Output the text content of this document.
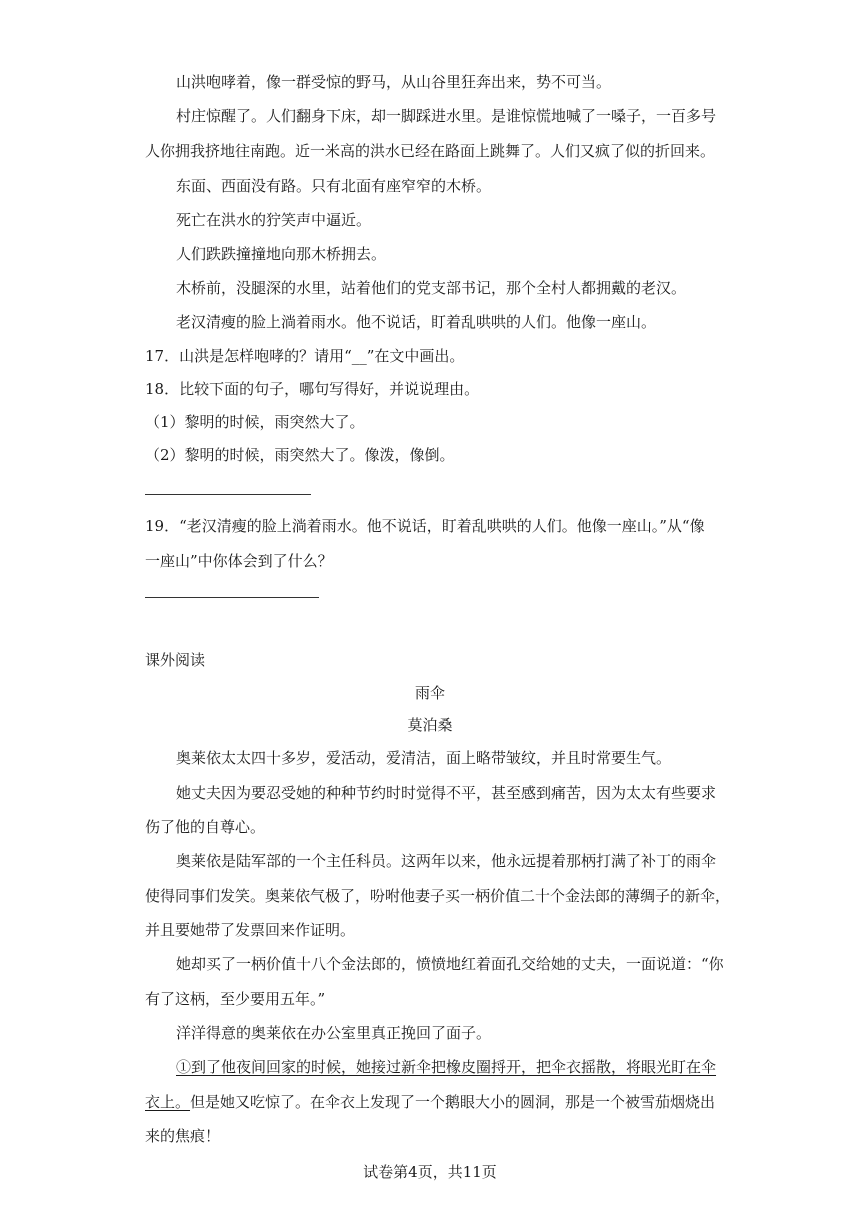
山洪咆哮着，像一群受惊的野马，从山谷里狂奔出来，势不可当。
村庄惊醒了。人们翻身下床，却一脚踩进水里。是谁惊慌地喊了一嗓子，一百多号
人你拥我挤地往南跑。近一米高的洪水已经在路面上跳舞了。人们又疯了似的折回来。
东面、西面没有路。只有北面有座窄窄的木桥。
死亡在洪水的狞笑声中逼近。
人们跌跌撞撞地向那木桥拥去。
木桥前，没腿深的水里，站着他们的党支部书记，那个全村人都拥戴的老汉。
老汉清瘦的脸上淌着雨水。他不说话，盯着乱哄哄的人们。他像一座山。
17．山洪是怎样咆哮的？请用“__”在文中画出。
18．比较下面的句子，哪句写得好，并说说理由。
（1）黎明的时候，雨突然大了。
（2）黎明的时候，雨突然大了。像泼，像倒。
19．“老汉清瘦的脸上淌着雨水。他不说话，盯着乱哄哄的人们。他像一座山。”从“像
一座山”中你体会到了什么？
课外阅读
雨伞
莫泊桑
奥莱依太太四十多岁，爱活动，爱清洁，面上略带皱纹，并且时常要生气。
她丈夫因为要忍受她的种种节约时时觉得不平，甚至感到痛苦，因为太太有些要求
伤了他的自尊心。
奥莱依是陆军部的一个主任科员。这两年以来，他永远提着那柄打满了补丁的雨伞
使得同事们发笑。奥莱依气极了，吩咐他妻子买一柄价值二十个金法郎的薄绸子的新伞，
并且要她带了发票回来作证明。
她却买了一柄价值十八个金法郎的，愤愤地红着面孔交给她的丈夫，一面说道：“你
有了这柄，至少要用五年。”
洋洋得意的奥莱依在办公室里真正挽回了面子。
①到了他夜间回家的时候，她接过新伞把橡皮圈捋开，把伞衣摇散，将眼光盯在伞
衣上。但是她又吃惊了。在伞衣上发现了一个鹅眼大小的圆洞，那是一个被雪茄烟烧出
来的焦痕！
试卷第4页，共11页
